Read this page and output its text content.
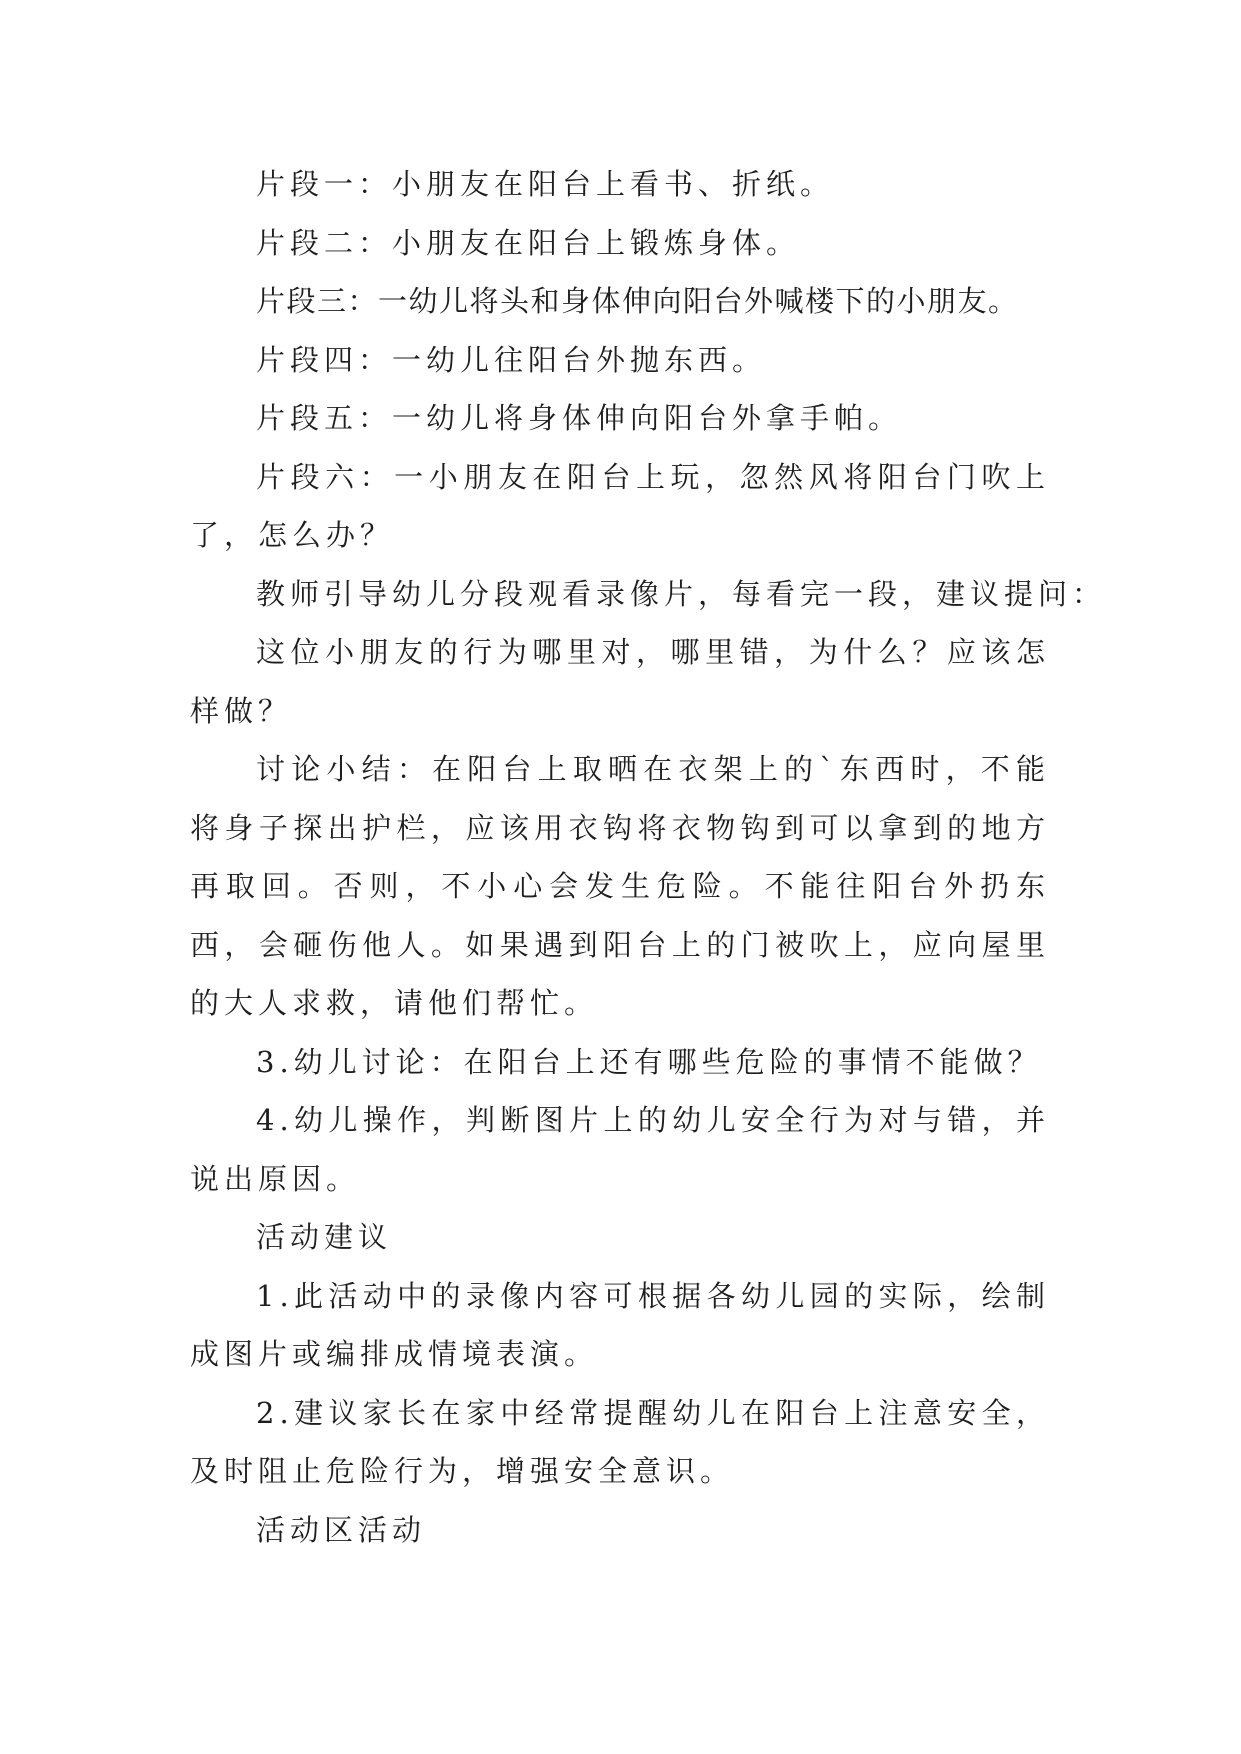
片段一：小朋友在阳台上看书、折纸。

片段二：小朋友在阳台上锻炼身体。

片段三：一幼儿将头和身体伸向阳台外喊楼下的小朋友。

片段四：一幼儿往阳台外抛东西。

片段五：一幼儿将身体伸向阳台外拿手帕。

片段六：一小朋友在阳台上玩，忽然风将阳台门吹上了，怎么办？

教师引导幼儿分段观看录像片，每看完一段，建议提问：

这位小朋友的行为哪里对，哪里错，为什么？应该怎样做？

讨论小结：在阳台上取晒在衣架上的`东西时，不能将身子探出护栏，应该用衣钩将衣物钩到可以拿到的地方再取回。否则，不小心会发生危险。不能往阳台外扔东西，会砸伤他人。如果遇到阳台上的门被吹上，应向屋里的大人求救，请他们帮忙。

3.幼儿讨论：在阳台上还有哪些危险的事情不能做？

4.幼儿操作，判断图片上的幼儿安全行为对与错，并说出原因。

活动建议

1.此活动中的录像内容可根据各幼儿园的实际，绘制成图片或编排成情境表演。

2.建议家长在家中经常提醒幼儿在阳台上注意安全，及时阻止危险行为，增强安全意识。

活动区活动
